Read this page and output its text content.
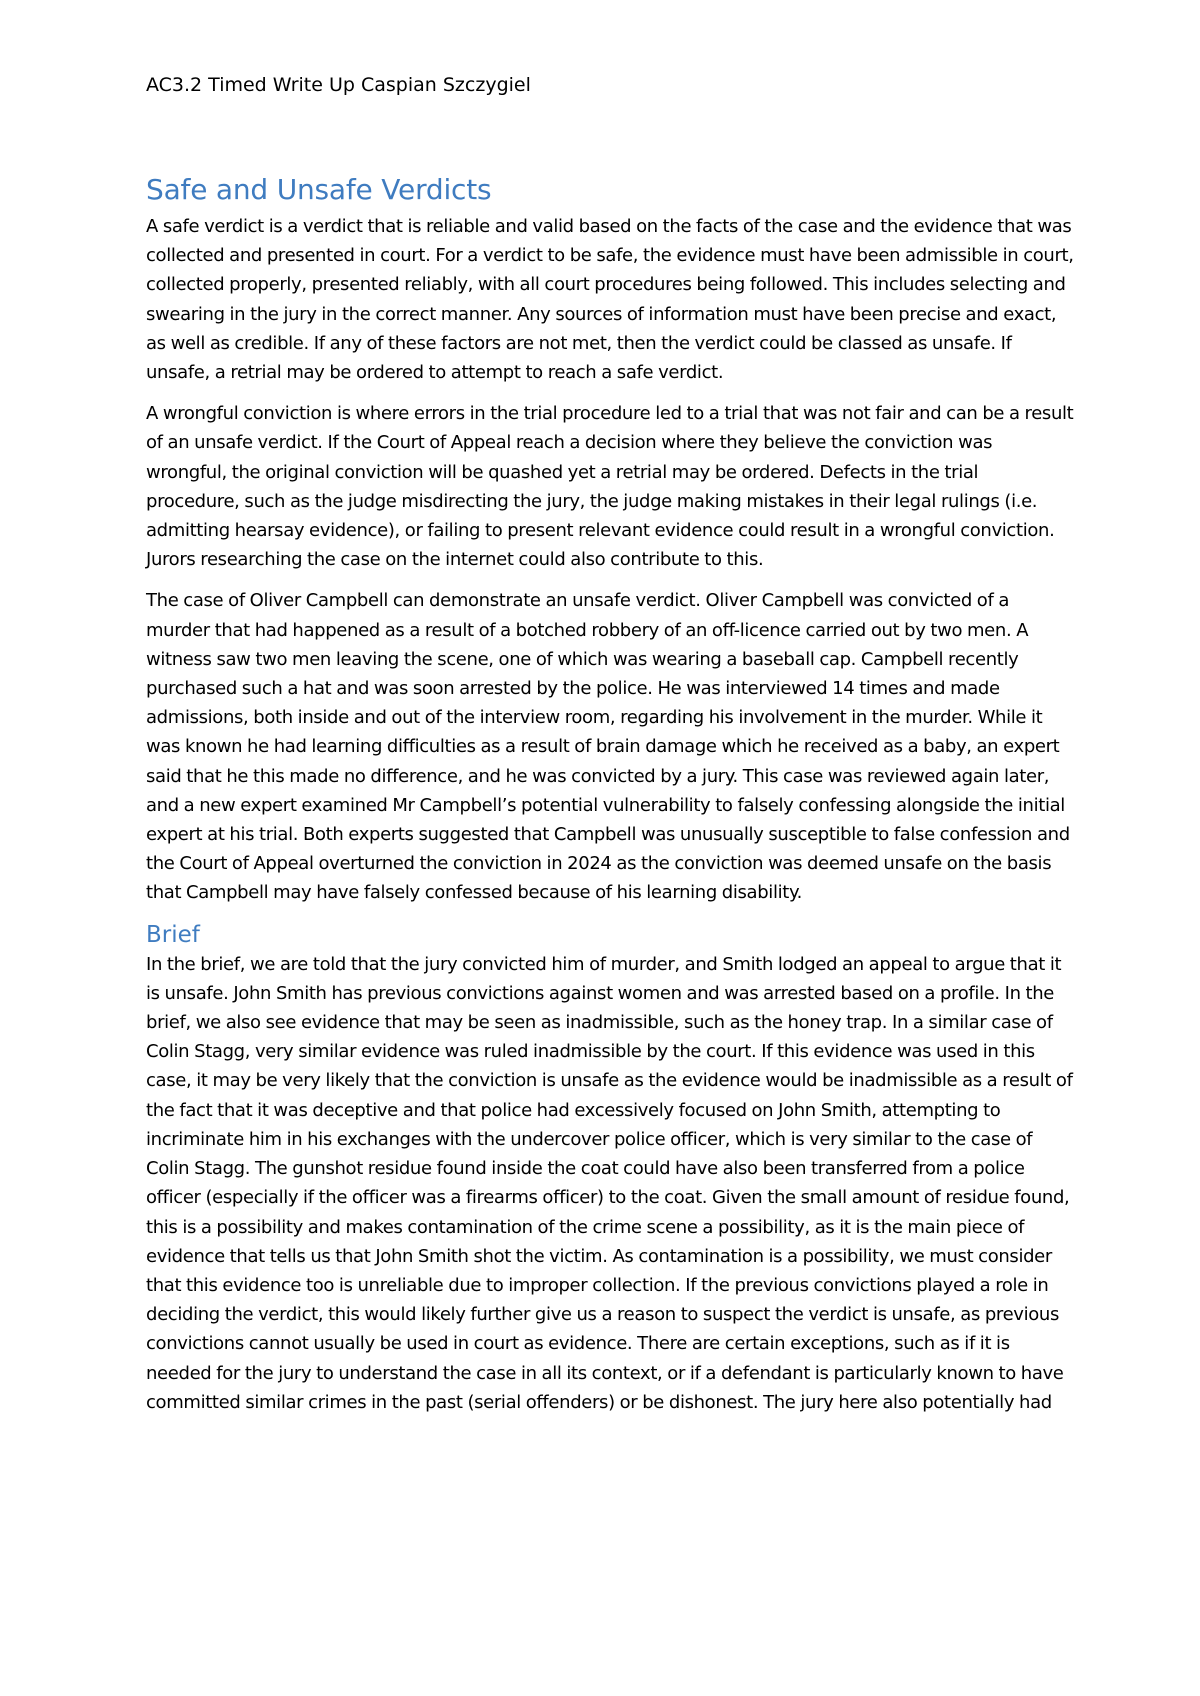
AC3.2 Timed Write Up Caspian Szczygiel
Safe and Unsafe Verdicts

A safe verdict is a verdict that is reliable and valid based on the facts of the case and the evidence that was collected and presented in court. For a verdict to be safe, the evidence must have been admissible in court, collected properly, presented reliably, with all court procedures being followed. This includes selecting and swearing in the jury in the correct manner. Any sources of information must have been precise and exact, as well as credible. If any of these factors are not met, then the verdict could be classed as unsafe. If unsafe, a retrial may be ordered to attempt to reach a safe verdict.

A wrongful conviction is where errors in the trial procedure led to a trial that was not fair and can be a result of an unsafe verdict. If the Court of Appeal reach a decision where they believe the conviction was wrongful, the original conviction will be quashed yet a retrial may be ordered. Defects in the trial procedure, such as the judge misdirecting the jury, the judge making mistakes in their legal rulings (i.e. admitting hearsay evidence), or failing to present relevant evidence could result in a wrongful conviction. Jurors researching the case on the internet could also contribute to this.

The case of Oliver Campbell can demonstrate an unsafe verdict. Oliver Campbell was convicted of a murder that had happened as a result of a botched robbery of an off-licence carried out by two men. A witness saw two men leaving the scene, one of which was wearing a baseball cap. Campbell recently purchased such a hat and was soon arrested by the police. He was interviewed 14 times and made admissions, both inside and out of the interview room, regarding his involvement in the murder. While it was known he had learning difficulties as a result of brain damage which he received as a baby, an expert said that he this made no difference, and he was convicted by a jury. This case was reviewed again later, and a new expert examined Mr Campbell’s potential vulnerability to falsely confessing alongside the initial expert at his trial. Both experts suggested that Campbell was unusually susceptible to false confession and the Court of Appeal overturned the conviction in 2024 as the conviction was deemed unsafe on the basis that Campbell may have falsely confessed because of his learning disability.

Brief

In the brief, we are told that the jury convicted him of murder, and Smith lodged an appeal to argue that it is unsafe. John Smith has previous convictions against women and was arrested based on a profile. In the brief, we also see evidence that may be seen as inadmissible, such as the honey trap. In a similar case of Colin Stagg, very similar evidence was ruled inadmissible by the court. If this evidence was used in this case, it may be very likely that the conviction is unsafe as the evidence would be inadmissible as a result of the fact that it was deceptive and that police had excessively focused on John Smith, attempting to incriminate him in his exchanges with the undercover police officer, which is very similar to the case of Colin Stagg. The gunshot residue found inside the coat could have also been transferred from a police officer (especially if the officer was a firearms officer) to the coat. Given the small amount of residue found, this is a possibility and makes contamination of the crime scene a possibility, as it is the main piece of evidence that tells us that John Smith shot the victim. As contamination is a possibility, we must consider that this evidence too is unreliable due to improper collection. If the previous convictions played a role in deciding the verdict, this would likely further give us a reason to suspect the verdict is unsafe, as previous convictions cannot usually be used in court as evidence. There are certain exceptions, such as if it is needed for the jury to understand the case in all its context, or if a defendant is particularly known to have committed similar crimes in the past (serial offenders) or be dishonest. The jury here also potentially had
